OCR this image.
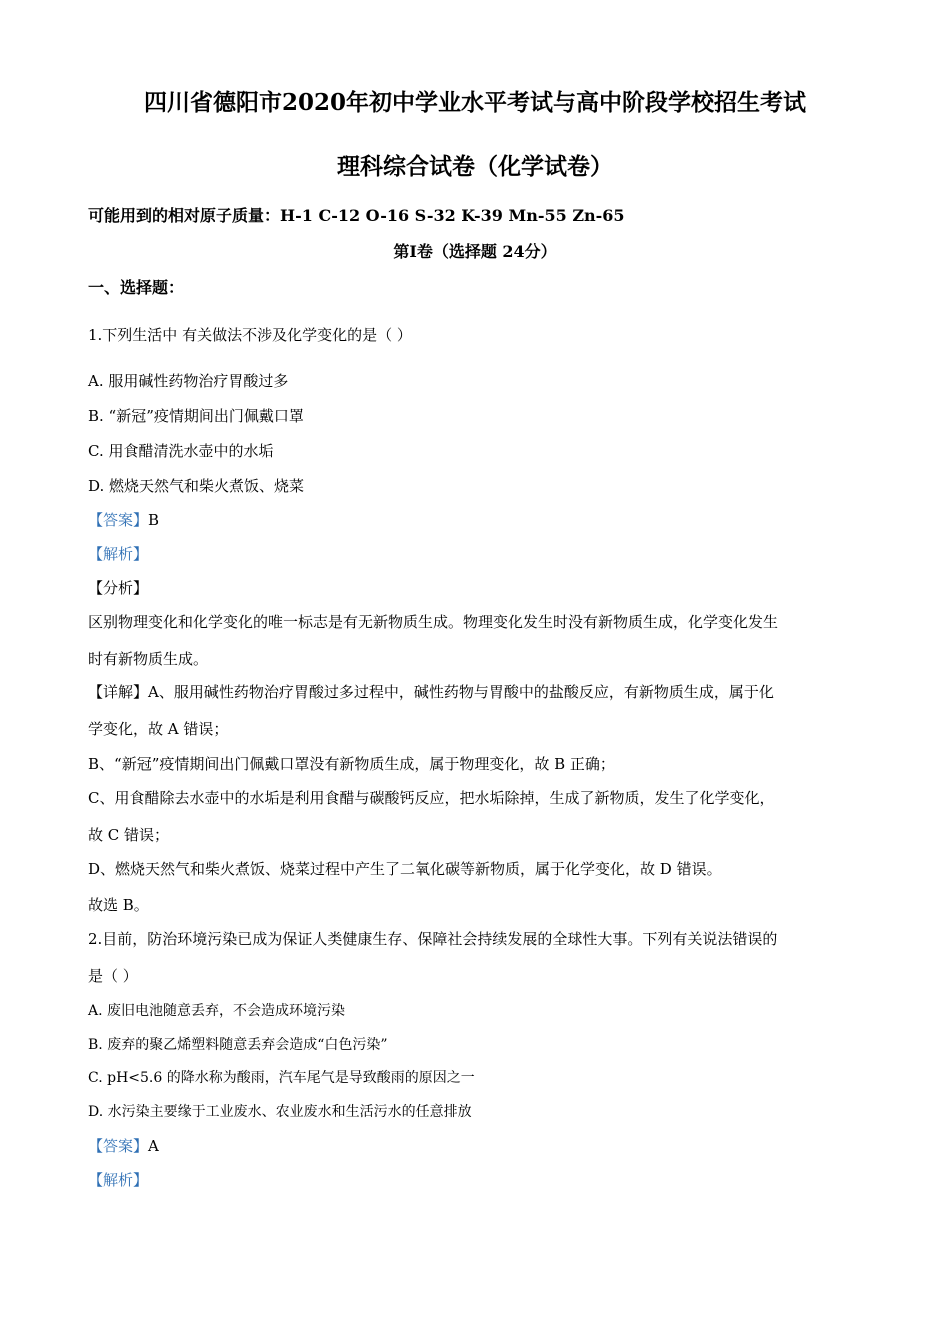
四川省德阳市2020年初中学业水平考试与高中阶段学校招生考试
理科综合试卷（化学试卷）
可能用到的相对原子质量：H-1 C-12 O-16 S-32 K-39 Mn-55 Zn-65
第Ⅰ卷（选择题 24分）
一、选择题：
1.下列生活中 有关做法不涉及化学变化的是（ ）
A. 服用碱性药物治疗胃酸过多
B. “新冠”疫情期间出门佩戴口罩
C. 用食醋清洗水壶中的水垢
D. 燃烧天然气和柴火煮饭、烧菜
【答案】B
【解析】
【分析】
区别物理变化和化学变化的唯一标志是有无新物质生成。物理变化发生时没有新物质生成，化学变化发生
时有新物质生成。
【详解】A、服用碱性药物治疗胃酸过多过程中，碱性药物与胃酸中的盐酸反应，有新物质生成，属于化
学变化，故 A 错误；
B、“新冠”疫情期间出门佩戴口罩没有新物质生成，属于物理变化，故 B 正确；
C、用食醋除去水壶中的水垢是利用食醋与碳酸钙反应，把水垢除掉，生成了新物质，发生了化学变化，
故 C 错误；
D、燃烧天然气和柴火煮饭、烧菜过程中产生了二氧化碳等新物质，属于化学变化，故 D 错误。
故选 B。
2.目前，防治环境污染已成为保证人类健康生存、保障社会持续发展的全球性大事。下列有关说法错误的
是（ ）
A. 废旧电池随意丢弃，不会造成环境污染
B. 废弃的聚乙烯塑料随意丢弃会造成“白色污染”
C. pH<5.6 的降水称为酸雨，汽车尾气是导致酸雨的原因之一
D. 水污染主要缘于工业废水、农业废水和生活污水的任意排放
【答案】A
【解析】
